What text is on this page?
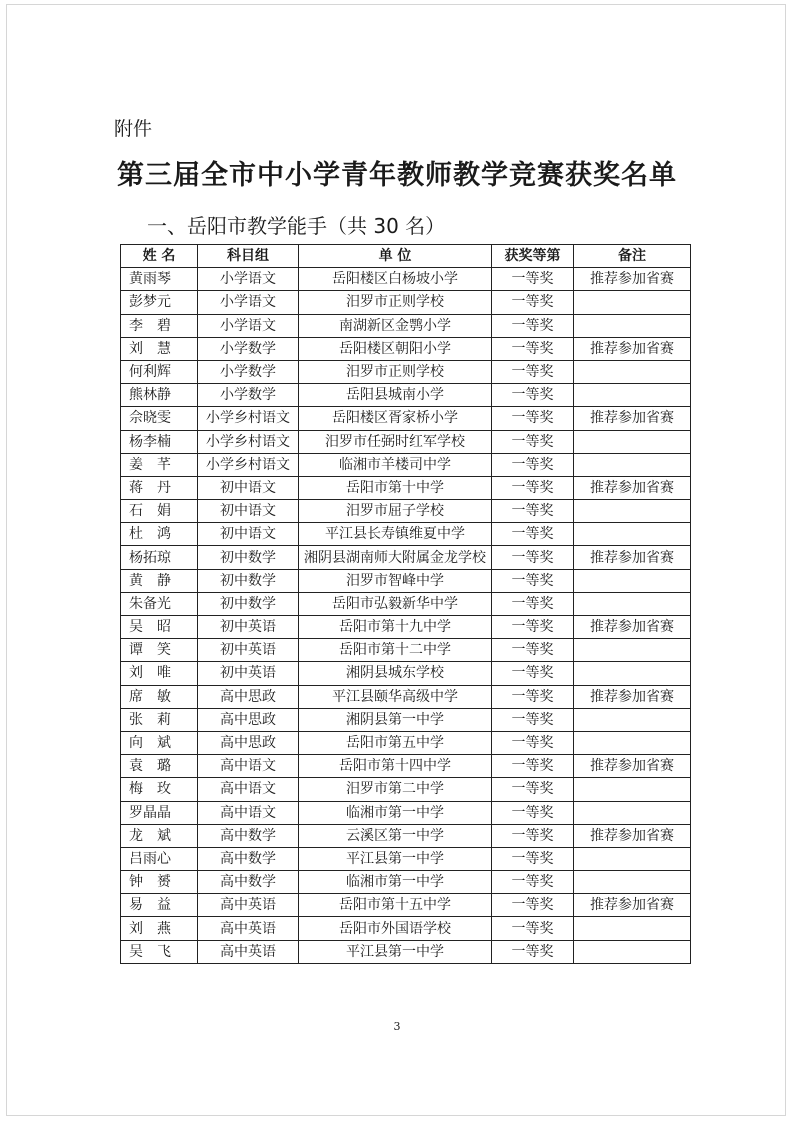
附件
第三届全市中小学青年教师教学竞赛获奖名单
一、岳阳市教学能手（共 30 名）
姓 名	科目组	单 位	获奖等第	备注
黄雨琴	小学语文	岳阳楼区白杨坡小学	一等奖	推荐参加省赛
彭梦元	小学语文	汨罗市正则学校	一等奖	
李　碧	小学语文	南湖新区金鹗小学	一等奖	
刘　慧	小学数学	岳阳楼区朝阳小学	一等奖	推荐参加省赛
何利辉	小学数学	汨罗市正则学校	一等奖	
熊林静	小学数学	岳阳县城南小学	一等奖	
佘晓雯	小学乡村语文	岳阳楼区胥家桥小学	一等奖	推荐参加省赛
杨李楠	小学乡村语文	汨罗市任弼时红军学校	一等奖	
姜　芊	小学乡村语文	临湘市羊楼司中学	一等奖	
蒋　丹	初中语文	岳阳市第十中学	一等奖	推荐参加省赛
石　娟	初中语文	汨罗市屈子学校	一等奖	
杜　鸿	初中语文	平江县长寿镇维夏中学	一等奖	
杨拓琼	初中数学	湘阴县湖南师大附属金龙学校	一等奖	推荐参加省赛
黄　静	初中数学	汨罗市智峰中学	一等奖	
朱备光	初中数学	岳阳市弘毅新华中学	一等奖	
吴　昭	初中英语	岳阳市第十九中学	一等奖	推荐参加省赛
谭　笑	初中英语	岳阳市第十二中学	一等奖	
刘　唯	初中英语	湘阴县城东学校	一等奖	
席　敏	高中思政	平江县颐华高级中学	一等奖	推荐参加省赛
张　莉	高中思政	湘阴县第一中学	一等奖	
向　斌	高中思政	岳阳市第五中学	一等奖	
袁　璐	高中语文	岳阳市第十四中学	一等奖	推荐参加省赛
梅　玫	高中语文	汨罗市第二中学	一等奖	
罗晶晶	高中语文	临湘市第一中学	一等奖	
龙　斌	高中数学	云溪区第一中学	一等奖	推荐参加省赛
吕雨心	高中数学	平江县第一中学	一等奖	
钟　赟	高中数学	临湘市第一中学	一等奖	
易　益	高中英语	岳阳市第十五中学	一等奖	推荐参加省赛
刘　燕	高中英语	岳阳市外国语学校	一等奖	
吴　飞	高中英语	平江县第一中学	一等奖	
3
